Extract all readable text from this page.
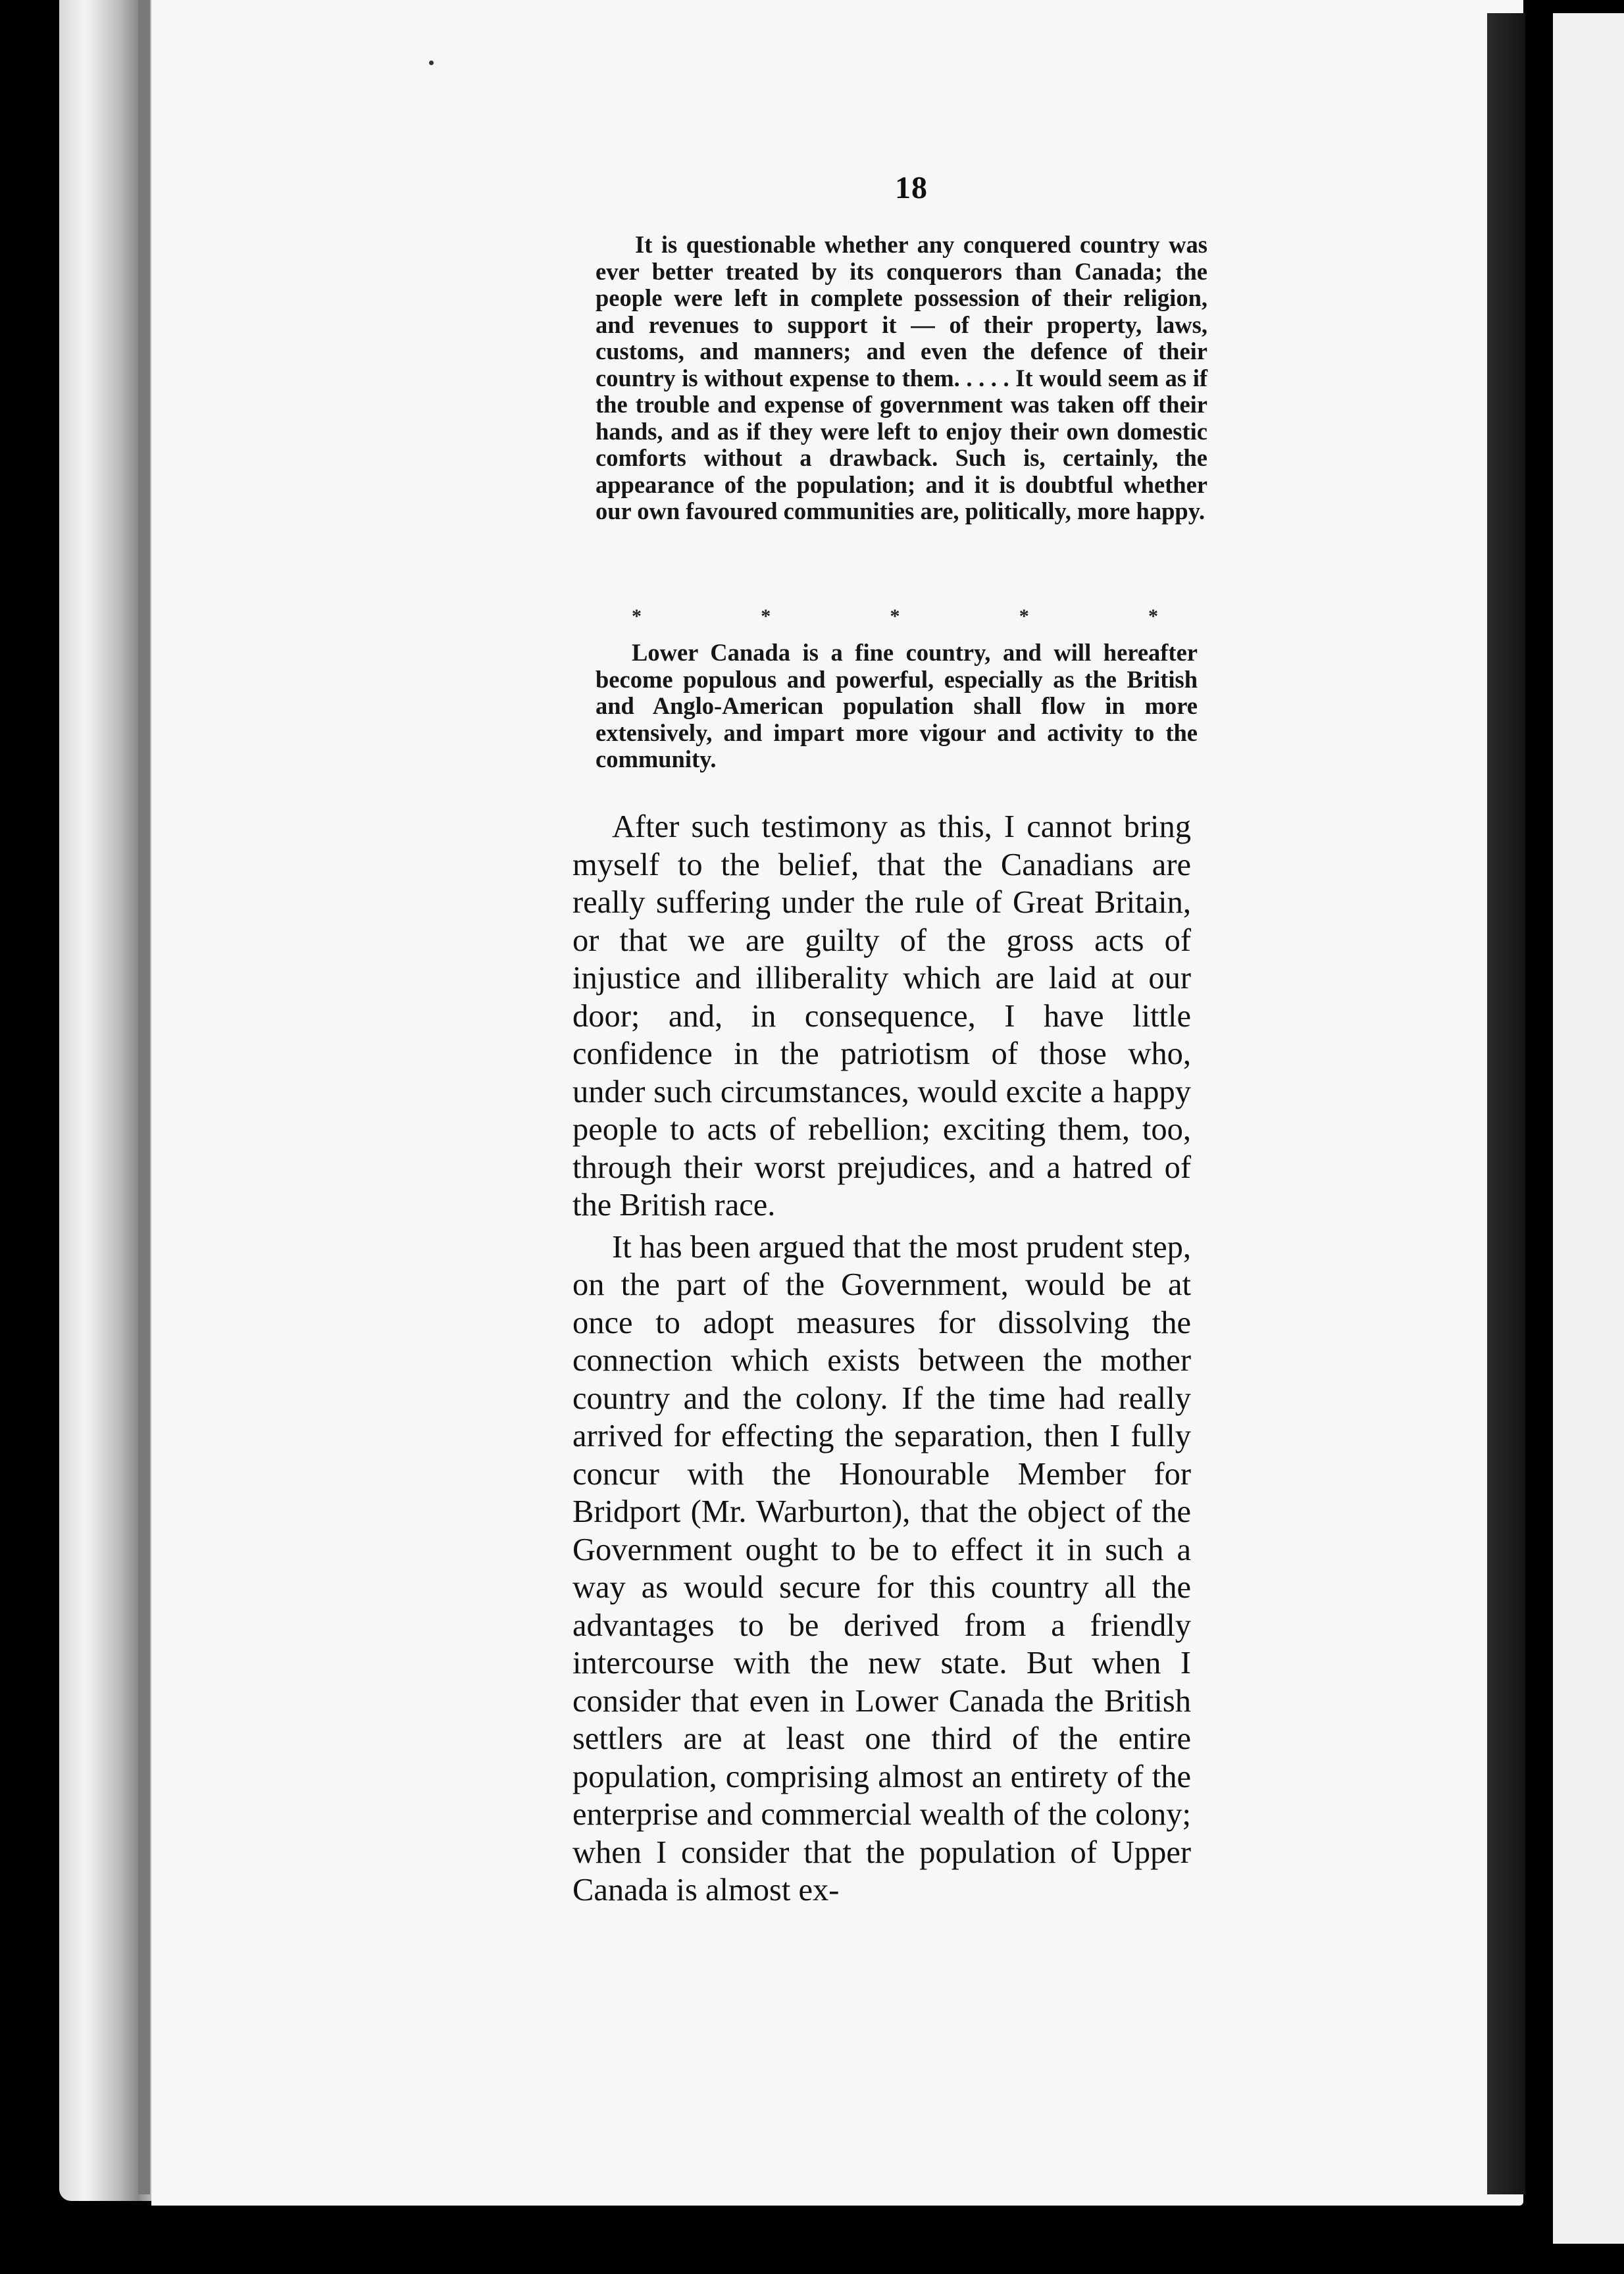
18

It is questionable whether any conquered country was ever better treated by its conquerors than Canada; the people were left in complete possession of their religion, and revenues to support it — of their property, laws, customs, and manners; and even the defence of their country is without expense to them. . . . . It would seem as if the trouble and expense of government was taken off their hands, and as if they were left to enjoy their own domestic comforts without a drawback. Such is, certainly, the appearance of the population; and it is doubtful whether our own favoured communities are, politically, more happy.

*	*	*	*	*

Lower Canada is a fine country, and will hereafter become populous and powerful, especially as the British and Anglo-American population shall flow in more extensively, and impart more vigour and activity to the community.

After such testimony as this, I cannot bring myself to the belief, that the Canadians are really suffering under the rule of Great Britain, or that we are guilty of the gross acts of injustice and illiberality which are laid at our door; and, in consequence, I have little confidence in the patriotism of those who, under such circumstances, would excite a happy people to acts of rebellion; exciting them, too, through their worst prejudices, and a hatred of the British race.

It has been argued that the most prudent step, on the part of the Government, would be at once to adopt measures for dissolving the connection which exists between the mother country and the colony. If the time had really arrived for effecting the separation, then I fully concur with the Honourable Member for Bridport (Mr. Warburton), that the object of the Government ought to be to effect it in such a way as would secure for this country all the advantages to be derived from a friendly intercourse with the new state. But when I consider that even in Lower Canada the British settlers are at least one third of the entire population, comprising almost an entirety of the enterprise and commercial wealth of the colony; when I consider that the population of Upper Canada is almost ex-
